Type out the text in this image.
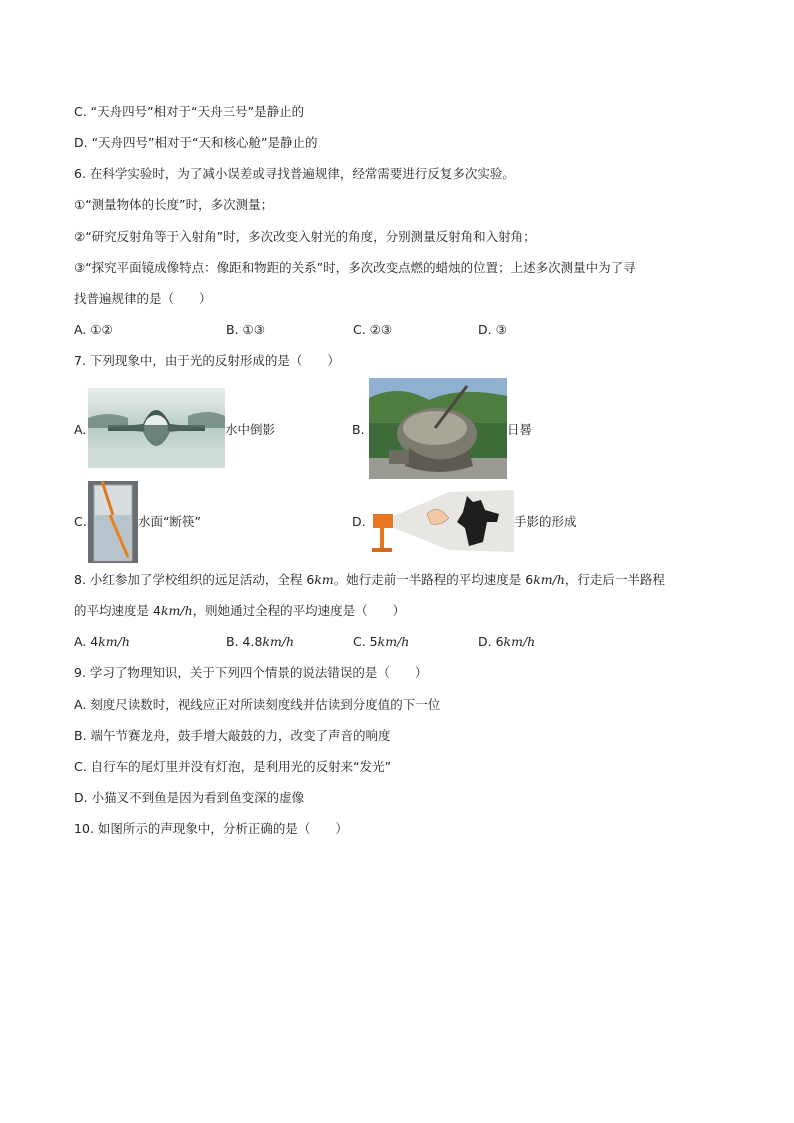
C. “天舟四号”相对于“天舟三号”是静止的
D. “天舟四号”相对于“天和核心舱”是静止的
6. 在科学实验时，为了减小误差或寻找普遍规律，经常需要进行反复多次实验。
①“测量物体的长度”时，多次测量；
②“研究反射角等于入射角”时，多次改变入射光的角度，分别测量反射角和入射角；
③“探究平面镜成像特点：像距和物距的关系”时，多次改变点燃的蜡烛的位置；上述多次测量中为了寻
找普遍规律的是（　　）
A. ①②	B. ①③	C. ②③	D. ③
7. 下列现象中，由于光的反射形成的是（　　）
A.	水中倒影	B.	日晷
C.	水面“断筷”	D.	手影的形成
8. 小红参加了学校组织的远足活动，全程 6km。她行走前一半路程的平均速度是 6km/h，行走后一半路程
的平均速度是 4km/h，则她通过全程的平均速度是（　　）
A. 4km/h	B. 4.8km/h	C. 5km/h	D. 6km/h
9. 学习了物理知识，关于下列四个情景的说法错误的是（　　）
A. 刻度尺读数时，视线应正对所读刻度线并估读到分度值的下一位
B. 端午节赛龙舟，鼓手增大敲鼓的力，改变了声音的响度
C. 自行车的尾灯里并没有灯泡，是利用光的反射来“发光”
D. 小猫叉不到鱼是因为看到鱼变深的虚像
10. 如图所示的声现象中，分析正确的是（　　）
